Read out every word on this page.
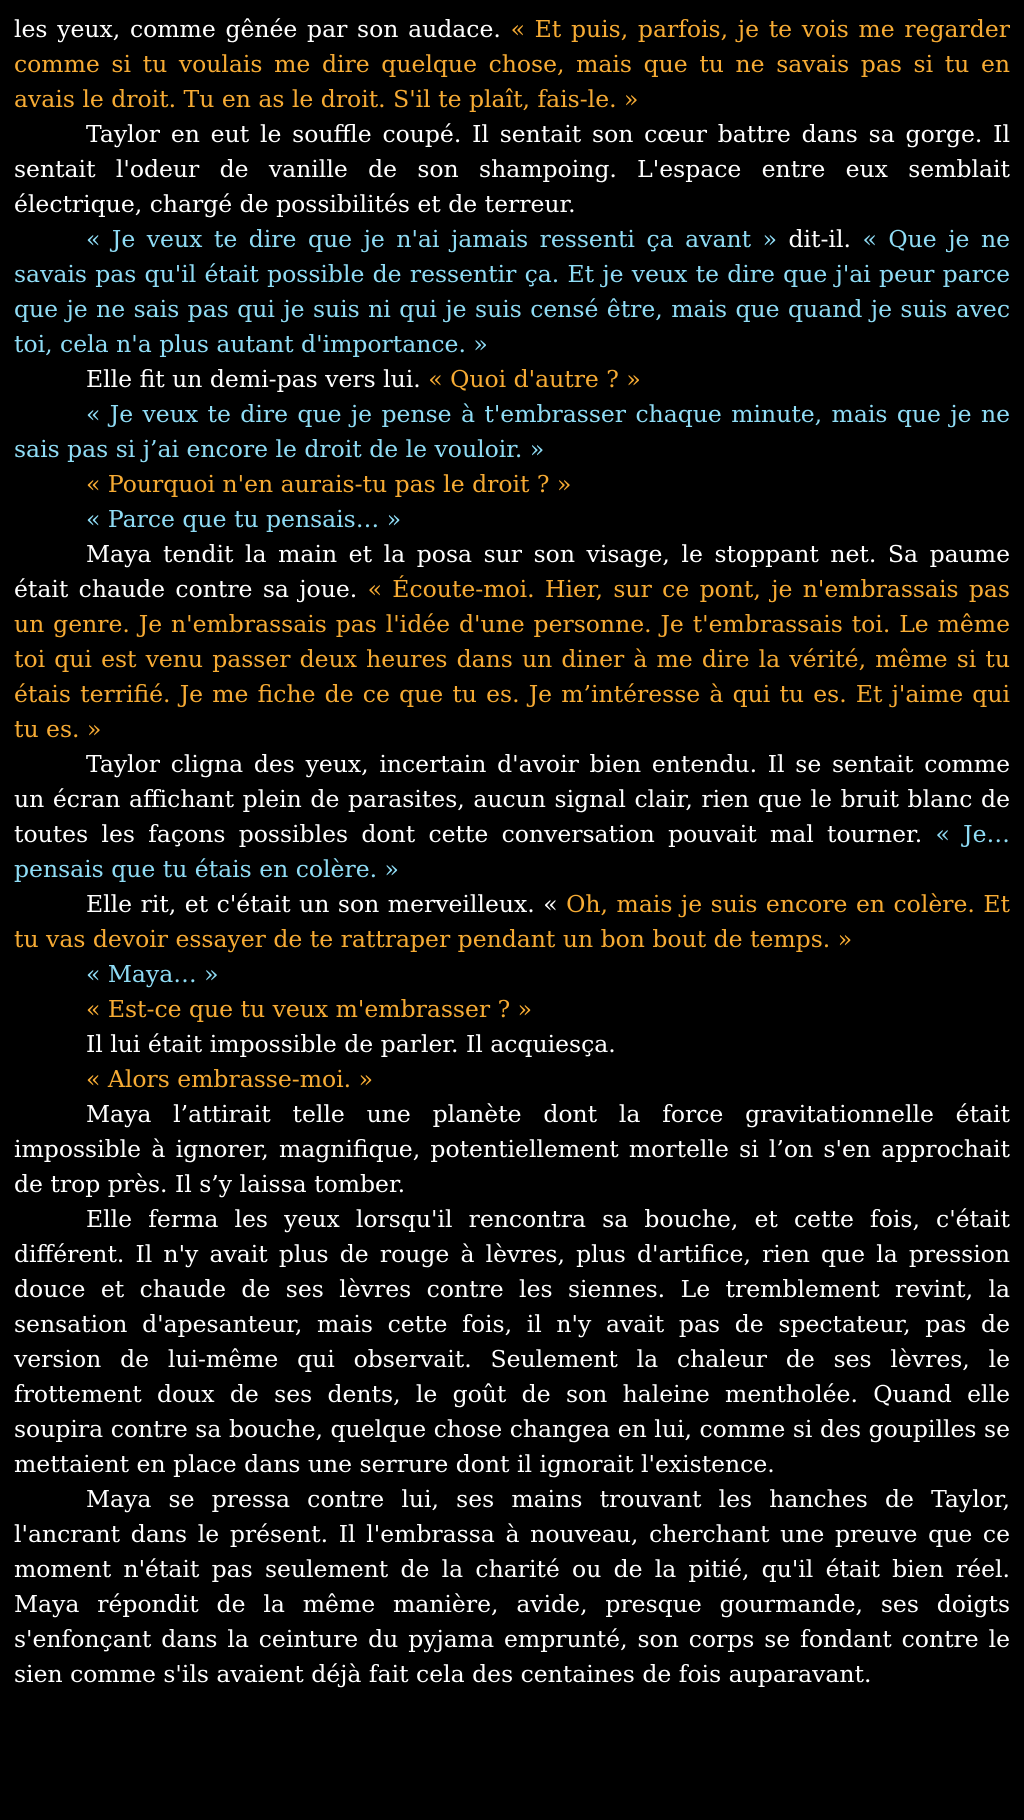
les yeux, comme gênée par son audace. « Et puis, parfois, je te vois me regarder comme si tu voulais me dire quelque chose, mais que tu ne savais pas si tu en avais le droit. Tu en as le droit. S'il te plaît, fais-le. »

Taylor en eut le souffle coupé. Il sentait son cœur battre dans sa gorge. Il sentait l'odeur de vanille de son shampoing. L'espace entre eux semblait électrique, chargé de possibilités et de terreur.

« Je veux te dire que je n'ai jamais ressenti ça avant » dit-il. « Que je ne savais pas qu'il était possible de ressentir ça. Et je veux te dire que j'ai peur parce que je ne sais pas qui je suis ni qui je suis censé être, mais que quand je suis avec toi, cela n'a plus autant d'importance. »

Elle fit un demi-pas vers lui. « Quoi d'autre ? »

« Je veux te dire que je pense à t'embrasser chaque minute, mais que je ne sais pas si j’ai encore le droit de le vouloir. »

« Pourquoi n'en aurais-tu pas le droit ? »

« Parce que tu pensais… »

Maya tendit la main et la posa sur son visage, le stoppant net. Sa paume était chaude contre sa joue. « Écoute-moi. Hier, sur ce pont, je n'embrassais pas un genre. Je n'embrassais pas l'idée d'une personne. Je t'embrassais toi. Le même toi qui est venu passer deux heures dans un diner à me dire la vérité, même si tu étais terrifié. Je me fiche de ce que tu es. Je m’intéresse à qui tu es. Et j'aime qui tu es. »

Taylor cligna des yeux, incertain d'avoir bien entendu. Il se sentait comme un écran affichant plein de parasites, aucun signal clair, rien que le bruit blanc de toutes les façons possibles dont cette conversation pouvait mal tourner. « Je… pensais que tu étais en colère. »

Elle rit, et c'était un son merveilleux. « Oh, mais je suis encore en colère. Et tu vas devoir essayer de te rattraper pendant un bon bout de temps. »

« Maya… »

« Est-ce que tu veux m'embrasser ? »

Il lui était impossible de parler. Il acquiesça.

« Alors embrasse-moi. »

Maya l’attirait telle une planète dont la force gravitationnelle était impossible à ignorer, magnifique, potentiellement mortelle si l’on s'en approchait de trop près. Il s’y laissa tomber.

Elle ferma les yeux lorsqu'il rencontra sa bouche, et cette fois, c'était différent. Il n'y avait plus de rouge à lèvres, plus d'artifice, rien que la pression douce et chaude de ses lèvres contre les siennes. Le tremblement revint, la sensation d'apesanteur, mais cette fois, il n'y avait pas de spectateur, pas de version de lui-même qui observait. Seulement la chaleur de ses lèvres, le frottement doux de ses dents, le goût de son haleine mentholée. Quand elle soupira contre sa bouche, quelque chose changea en lui, comme si des goupilles se mettaient en place dans une serrure dont il ignorait l'existence.

Maya se pressa contre lui, ses mains trouvant les hanches de Taylor, l'ancrant dans le présent. Il l'embrassa à nouveau, cherchant une preuve que ce moment n'était pas seulement de la charité ou de la pitié, qu'il était bien réel. Maya répondit de la même manière, avide, presque gourmande, ses doigts s'enfonçant dans la ceinture du pyjama emprunté, son corps se fondant contre le sien comme s'ils avaient déjà fait cela des centaines de fois auparavant.
